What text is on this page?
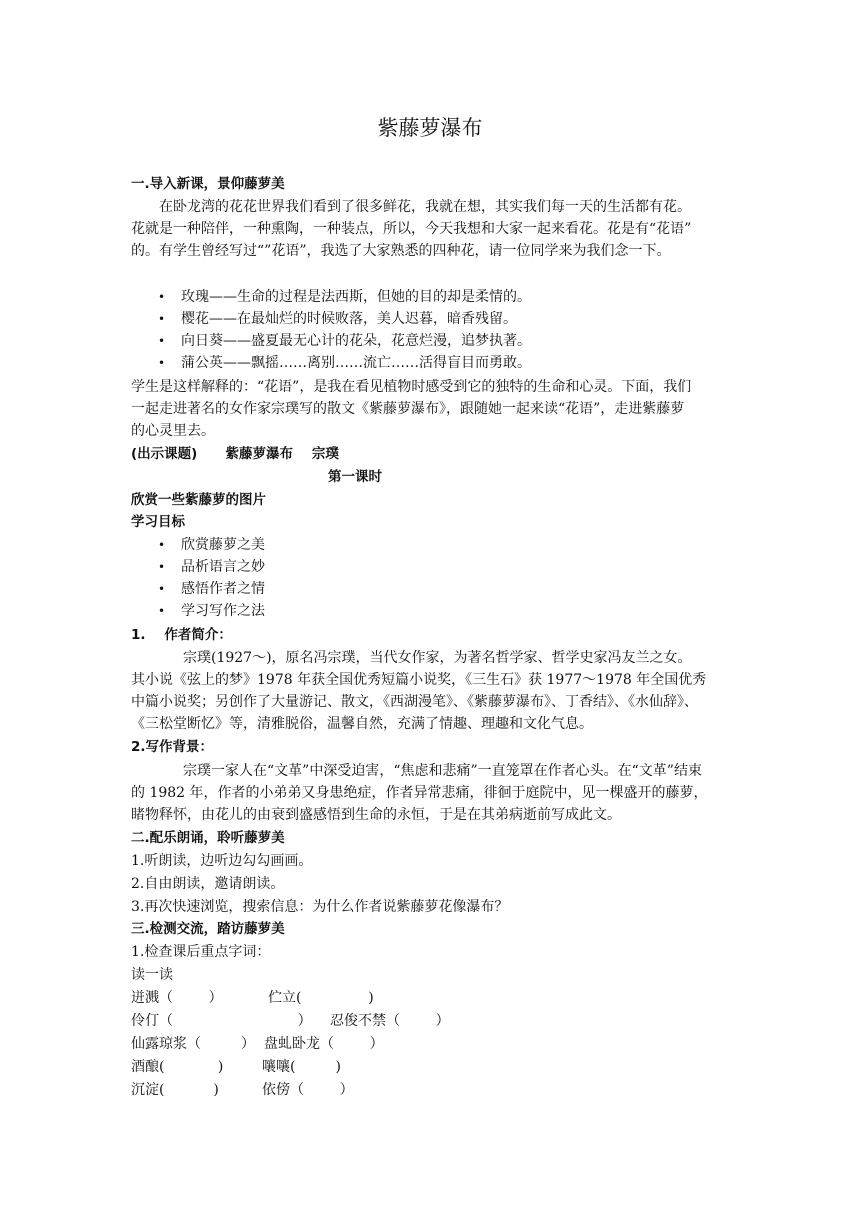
紫藤萝瀑布
一.导入新课，景仰藤萝美
在卧龙湾的花花世界我们看到了很多鲜花，我就在想，其实我们每一天的生活都有花。
花就是一种陪伴，一种熏陶，一种装点，所以，今天我想和大家一起来看花。花是有“花语”
的。有学生曾经写过“”花语”，我选了大家熟悉的四种花，请一位同学来为我们念一下。
• 玫瑰——生命的过程是法西斯，但她的目的却是柔情的。
• 樱花——在最灿烂的时候败落，美人迟暮，暗香残留。
• 向日葵——盛夏最无心计的花朵，花意烂漫，追梦执著。
• 蒲公英——飘摇……离别……流亡……活得盲目而勇敢。
学生是这样解释的：“花语”，是我在看见植物时感受到它的独特的生命和心灵。下面，我们
一起走进著名的女作家宗璞写的散文《紫藤萝瀑布》，跟随她一起来读“花语”，走进紫藤萝
的心灵里去。
(出示课题)      紫藤萝瀑布    宗璞
第一课时
欣赏一些紫藤萝的图片
学习目标
• 欣赏藤萝之美
• 品析语言之妙
• 感悟作者之情
• 学习写作之法
1.    作者简介：
宗璞(1927～)，原名冯宗璞，当代女作家，为著名哲学家、哲学史家冯友兰之女。
其小说《弦上的梦》1978 年获全国优秀短篇小说奖，《三生石》获 1977～1978 年全国优秀
中篇小说奖；另创作了大量游记、散文，《西湖漫笔》、《紫藤萝瀑布》、丁香结》、《水仙辞》、
《三松堂断忆》等，清雅脱俗，温馨自然，充满了情趣、理趣和文化气息。
2.写作背景：
宗璞一家人在“文革”中深受迫害，“焦虑和悲痛”一直笼罩在作者心头。在“文革”结束
的 1982 年，作者的小弟弟又身患绝症，作者异常悲痛，徘徊于庭院中，见一棵盛开的藤萝，
睹物释怀，由花儿的由衰到盛感悟到生命的永恒，于是在其弟病逝前写成此文。
二.配乐朗诵，聆听藤萝美
1.听朗读，边听边勾勾画画。
2.自由朗读，邀请朗读。
3.再次快速浏览，搜索信息：为什么作者说紫藤萝花像瀑布？
三.检测交流，踏访藤萝美
1.检查课后重点字词：
读一读
迸溅（        ）	伫立(               )
伶仃（                            ） 忍俊不禁（        ）
仙露琼浆（         ） 盘虬卧龙（        ）
酒酿(            )	嚷嚷(         )
沉淀(           )	依傍（        ）
